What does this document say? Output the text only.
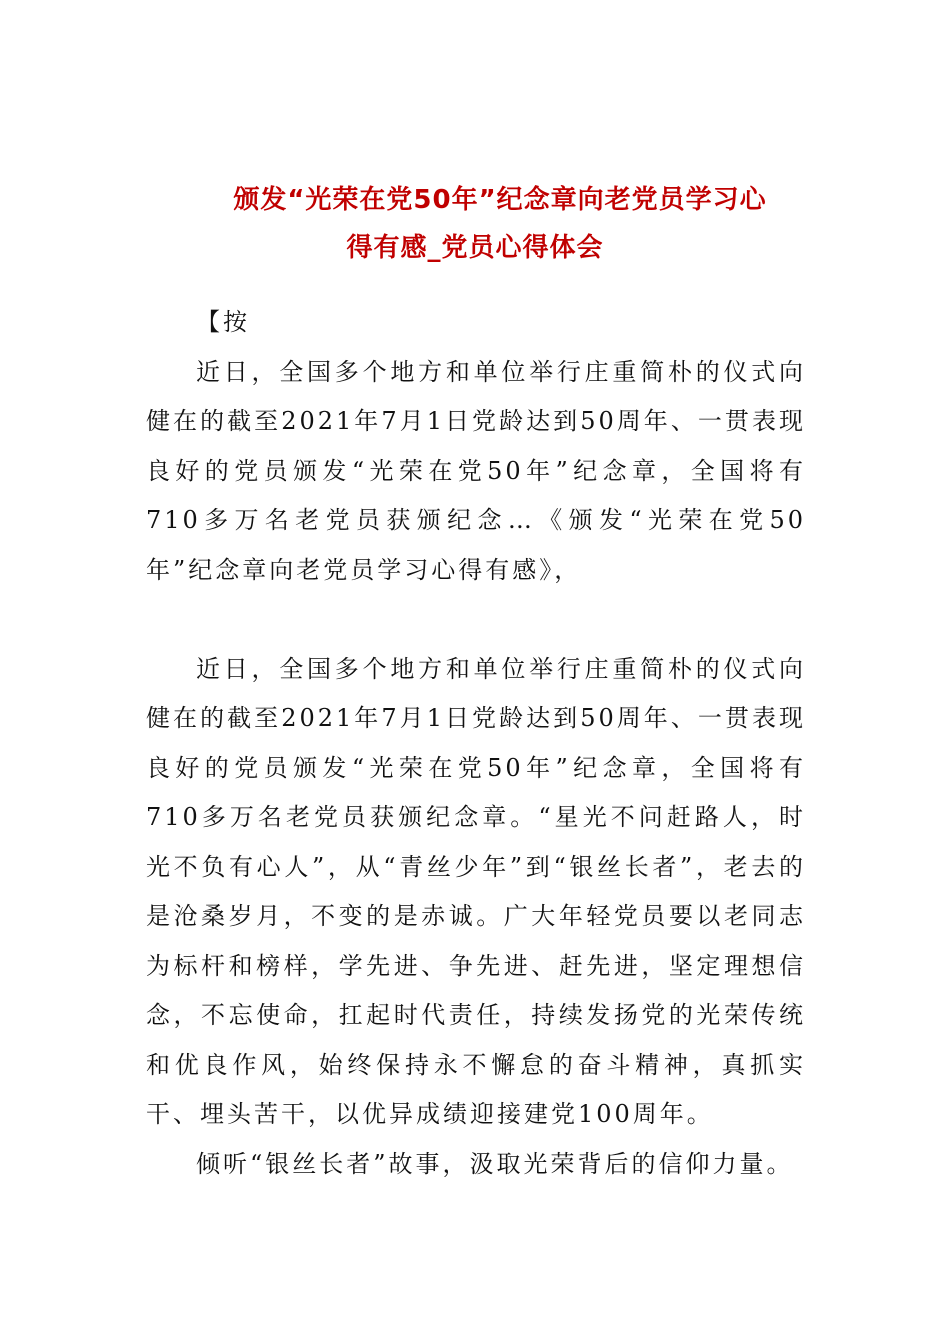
颁发“光荣在党50年”纪念章向老党员学习心
得有感_党员心得体会

【按

近日，全国多个地方和单位举行庄重简朴的仪式向健在的截至2021年7月1日党龄达到50周年、一贯表现良好的党员颁发“光荣在党50年”纪念章，全国将有710多万名老党员获颁纪念…《颁发“光荣在党50年”纪念章向老党员学习心得有感》，

近日，全国多个地方和单位举行庄重简朴的仪式向健在的截至2021年7月1日党龄达到50周年、一贯表现良好的党员颁发“光荣在党50年”纪念章，全国将有710多万名老党员获颁纪念章。“星光不问赶路人，时光不负有心人”，从“青丝少年”到“银丝长者”，老去的是沧桑岁月，不变的是赤诚。广大年轻党员要以老同志为标杆和榜样，学先进、争先进、赶先进，坚定理想信念，不忘使命，扛起时代责任，持续发扬党的光荣传统和优良作风，始终保持永不懈怠的奋斗精神，真抓实干、埋头苦干，以优异成绩迎接建党100周年。

倾听“银丝长者”故事，汲取光荣背后的信仰力量。
